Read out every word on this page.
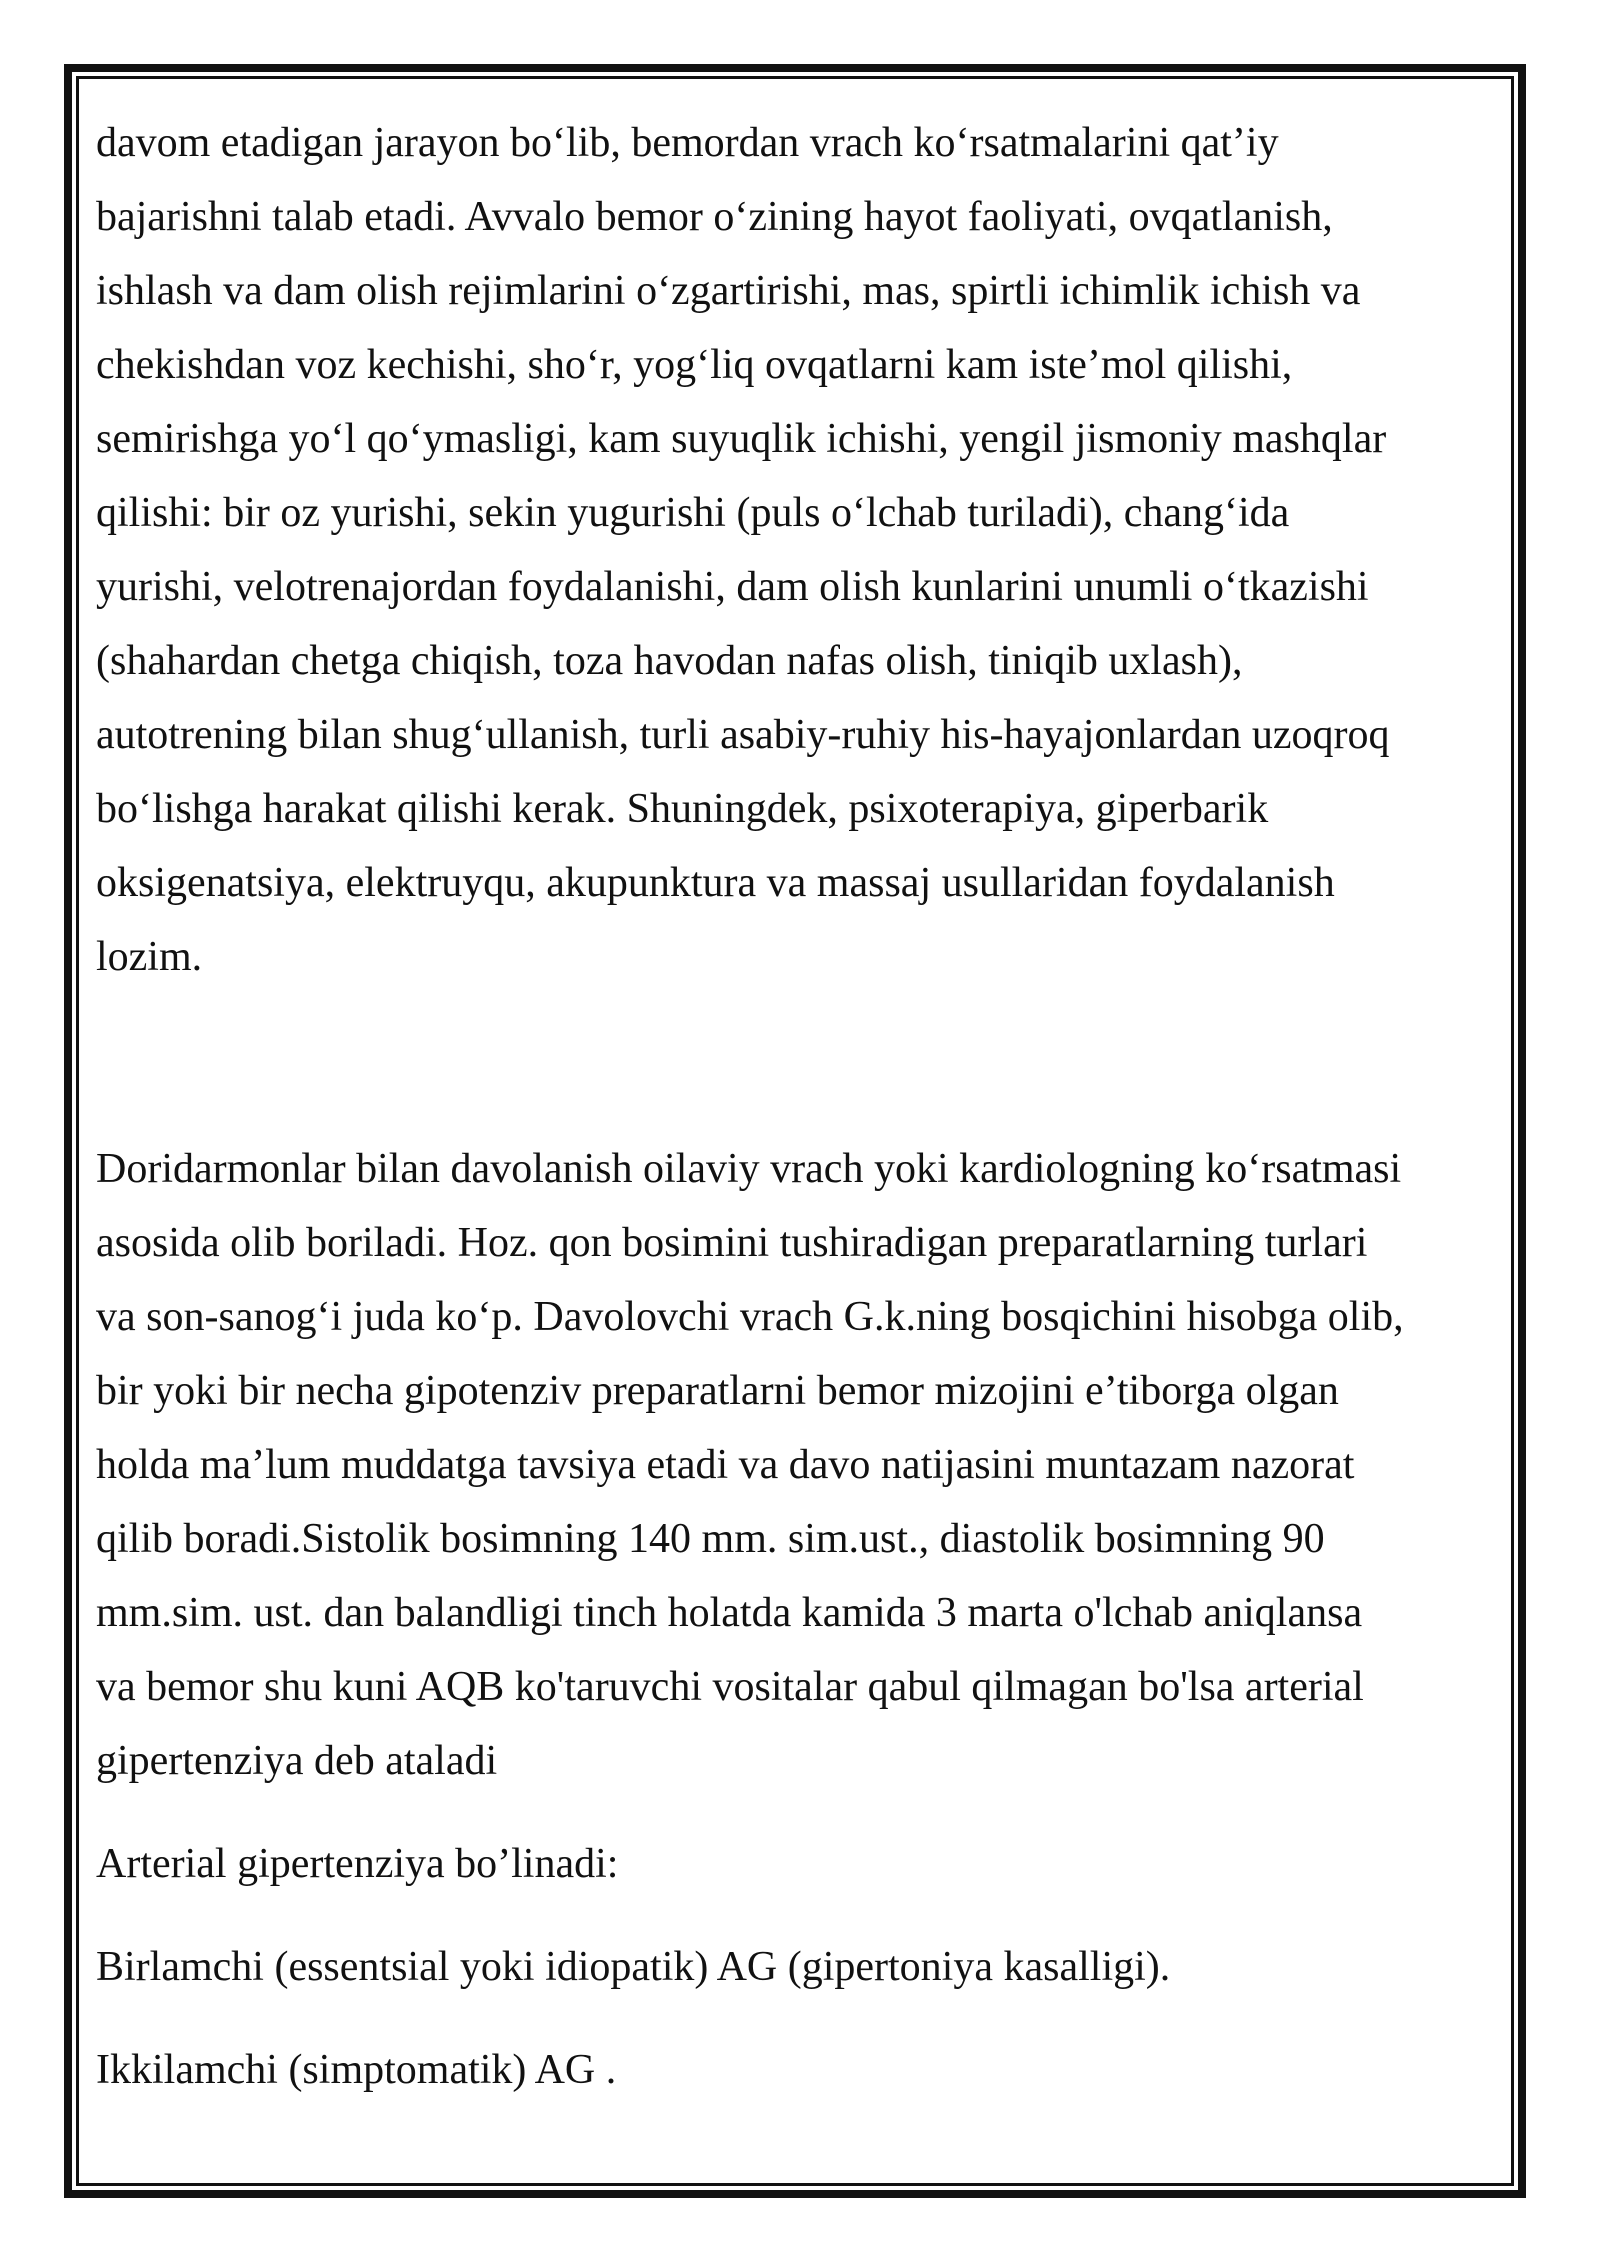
davom etadigan jarayon bo‘lib, bemordan vrach ko‘rsatmalarini qat’iy
bajarishni talab etadi. Avvalo bemor o‘zining hayot faoliyati, ovqatlanish,
ishlash va dam olish rejimlarini o‘zgartirishi, mas, spirtli ichimlik ichish va
chekishdan voz kechishi, sho‘r, yog‘liq ovqatlarni kam iste’mol qilishi,
semirishga yo‘l qo‘ymasligi, kam suyuqlik ichishi, yengil jismoniy mashqlar
qilishi: bir oz yurishi, sekin yugurishi (puls o‘lchab turiladi), chang‘ida
yurishi, velotrenajordan foydalanishi, dam olish kunlarini unumli o‘tkazishi
(shahardan chetga chiqish, toza havodan nafas olish, tiniqib uxlash),
autotrening bilan shug‘ullanish, turli asabiy-ruhiy his-hayajonlardan uzoqroq
bo‘lishga harakat qilishi kerak. Shuningdek, psixoterapiya, giperbarik
oksigenatsiya, elektruyqu, akupunktura va massaj usullaridan foydalanish
lozim.

Doridarmonlar bilan davolanish oilaviy vrach yoki kardiologning ko‘rsatmasi
asosida olib boriladi. Hoz. qon bosimini tushiradigan preparatlarning turlari
va son-sanog‘i juda ko‘p. Davolovchi vrach G.k.ning bosqichini hisobga olib,
bir yoki bir necha gipotenziv preparatlarni bemor mizojini e’tiborga olgan
holda ma’lum muddatga tavsiya etadi va davo natijasini muntazam nazorat
qilib boradi.Sistolik bosimning 140 mm. sim.ust., diastolik bosimning 90
mm.sim. ust. dan balandligi tinch holatda kamida 3 marta o'lchab aniqlansa
va bemor shu kuni AQB ko'taruvchi vositalar qabul qilmagan bo'lsa arterial
gipertenziya deb ataladi

Arterial gipertenziya bo’linadi:

Birlamchi (essentsial yoki idiopatik) AG (gipertoniya kasalligi).

Ikkilamchi (simptomatik) AG .
